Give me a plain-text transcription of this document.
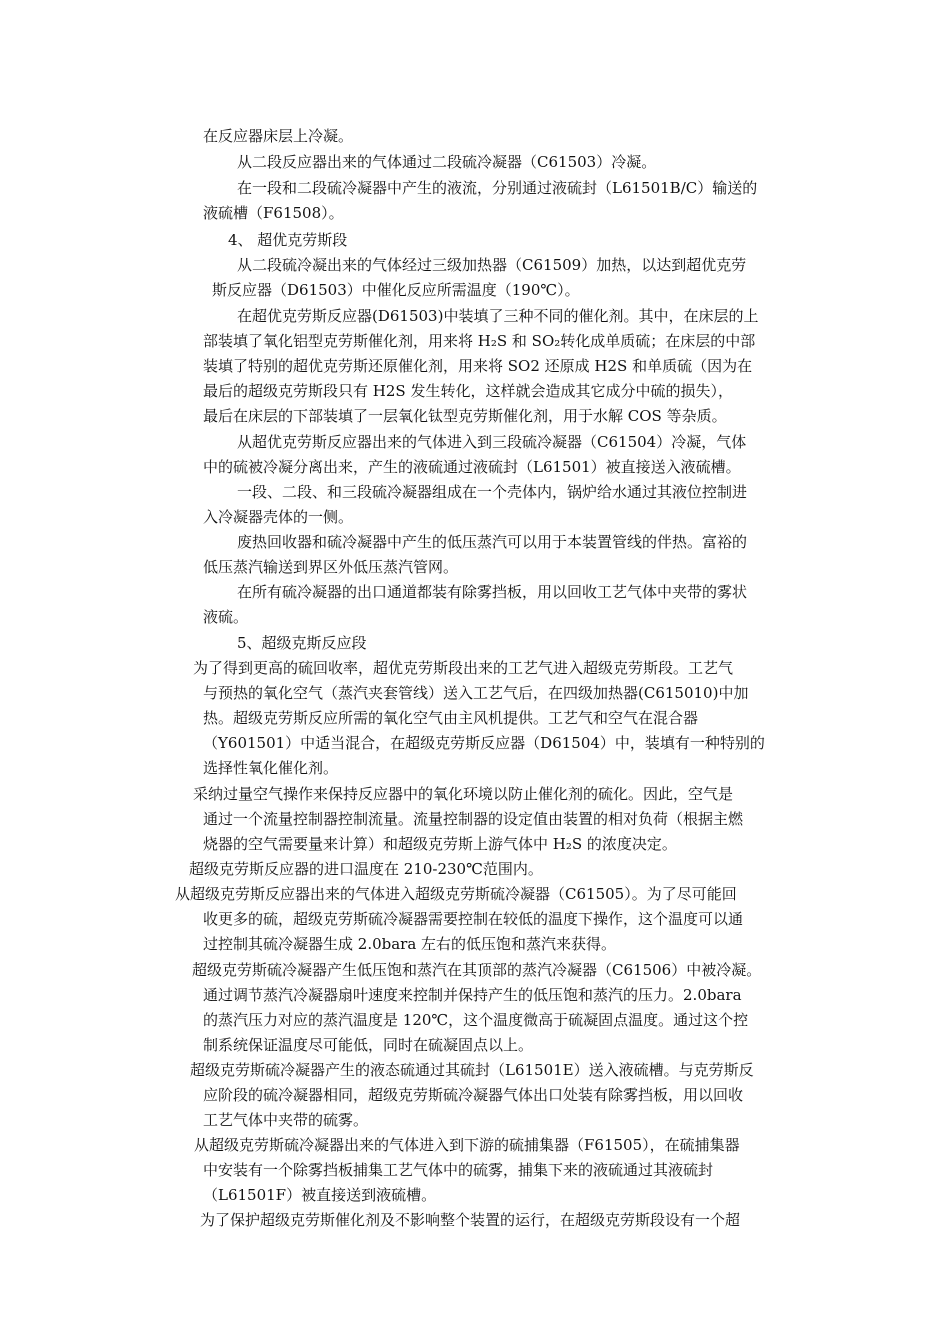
在反应器床层上冷凝。

从二段反应器出来的气体通过二段硫冷凝器（C61503）冷凝。

在一段和二段硫冷凝器中产生的液流，分别通过液硫封（L61501B/C）输送的
液硫槽（F61508）。

4、 超优克劳斯段

从二段硫冷凝出来的气体经过三级加热器（C61509）加热，以达到超优克劳
斯反应器（D61503）中催化反应所需温度（190℃）。

在超优克劳斯反应器(D61503)中装填了三种不同的催化剂。其中，在床层的上
部装填了氧化铝型克劳斯催化剂，用来将 H₂S 和 SO₂转化成单质硫；在床层的中部
装填了特别的超优克劳斯还原催化剂，用来将 SO2 还原成 H2S 和单质硫（因为在
最后的超级克劳斯段只有 H2S 发生转化，这样就会造成其它成分中硫的损失），
最后在床层的下部装填了一层氧化钛型克劳斯催化剂，用于水解 COS 等杂质。

从超优克劳斯反应器出来的气体进入到三段硫冷凝器（C61504）冷凝，气体
中的硫被冷凝分离出来，产生的液硫通过液硫封（L61501）被直接送入液硫槽。

一段、二段、和三段硫冷凝器组成在一个壳体内，锅炉给水通过其液位控制进
入冷凝器壳体的一侧。

废热回收器和硫冷凝器中产生的低压蒸汽可以用于本装置管线的伴热。富裕的
低压蒸汽输送到界区外低压蒸汽管网。

在所有硫冷凝器的出口通道都装有除雾挡板，用以回收工艺气体中夹带的雾状
液硫。

5、超级克斯反应段

为了得到更高的硫回收率，超优克劳斯段出来的工艺气进入超级克劳斯段。工艺气
与预热的氧化空气（蒸汽夹套管线）送入工艺气后，在四级加热器(C615010)中加
热。超级克劳斯反应所需的氧化空气由主风机提供。工艺气和空气在混合器
（Y601501）中适当混合，在超级克劳斯反应器（D61504）中，装填有一种特别的
选择性氧化催化剂。

采纳过量空气操作来保持反应器中的氧化环境以防止催化剂的硫化。因此，空气是
通过一个流量控制器控制流量。流量控制器的设定值由装置的相对负荷（根据主燃
烧器的空气需要量来计算）和超级克劳斯上游气体中 H₂S 的浓度决定。

超级克劳斯反应器的进口温度在 210-230℃范围内。

从超级克劳斯反应器出来的气体进入超级克劳斯硫冷凝器（C61505）。为了尽可能回
收更多的硫，超级克劳斯硫冷凝器需要控制在较低的温度下操作，这个温度可以通
过控制其硫冷凝器生成 2.0bara 左右的低压饱和蒸汽来获得。

超级克劳斯硫冷凝器产生低压饱和蒸汽在其顶部的蒸汽冷凝器（C61506）中被冷凝。
通过调节蒸汽冷凝器扇叶速度来控制并保持产生的低压饱和蒸汽的压力。2.0bara
的蒸汽压力对应的蒸汽温度是 120℃，这个温度微高于硫凝固点温度。通过这个控
制系统保证温度尽可能低，同时在硫凝固点以上。

超级克劳斯硫冷凝器产生的液态硫通过其硫封（L61501E）送入液硫槽。与克劳斯反
应阶段的硫冷凝器相同，超级克劳斯硫冷凝器气体出口处装有除雾挡板，用以回收
工艺气体中夹带的硫雾。

从超级克劳斯硫冷凝器出来的气体进入到下游的硫捕集器（F61505），在硫捕集器
中安装有一个除雾挡板捕集工艺气体中的硫雾，捕集下来的液硫通过其液硫封
（L61501F）被直接送到液硫槽。

为了保护超级克劳斯催化剂及不影响整个装置的运行，在超级克劳斯段设有一个超
